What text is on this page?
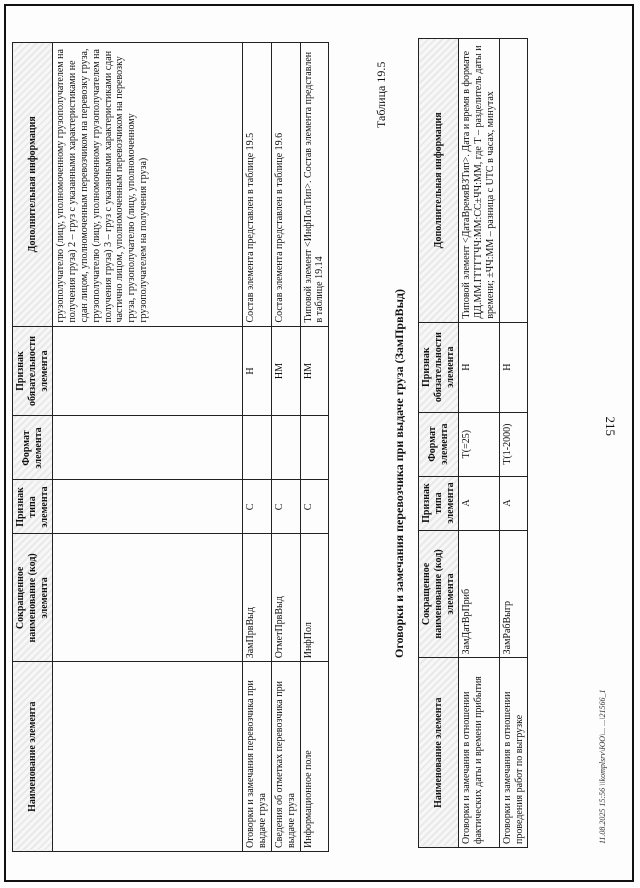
215
Наименование элемента	Сокращенное наименование (код) элемента	Признак типа элемента	Формат элемента	Признак обязательности элемента	Дополнительная информация
					грузополучателю (лицу, уполномоченному грузополучателем на получения груза) 2 – груз с указанными характеристиками не сдан лицом, уполномоченным перевозчиком на перевозку груза, грузополучателю (лицу, уполномоченному грузополучателем на получения груза) 3 – груз с указанными характеристиками сдан частично лицом, уполномоченным перевозчиком на перевозку груза, грузополучателю (лицу, уполномоченному грузополучателем на получения груза)
Оговорки и замечания перевозчика при выдаче груза	ЗамПрвВыд	С		Н	Состав элемента представлен в таблице 19.5
Сведения об отметках перевозчика при выдаче груза	ОтметПрвВыд	С		НМ	Состав элемента представлен в таблице 19.6
Информационное поле	ИнфПол	С		НМ	Типовой элемент <ИнфПолТип>. Состав элемента представлен в таблице 19.14
Таблица 19.5
Оговорки и замечания перевозчика при выдаче груза (ЗамПрвВыд)
Наименование элемента	Сокращенное наименование (код) элемента	Признак типа элемента	Формат элемента	Признак обязательности элемента	Дополнительная информация
Оговорки и замечания в отношении фактических даты и времени прибытия	ЗамДатВрПриб	А	T(=25)	Н	Типовой элемент <ДатаВремяВЗТип>. Дата и время в формате ДД.ММ.ГГГГТЧЧ:ММ:СС±ЧЧ:ММ, где Т – разделитель даты и времени; ±ЧЧ:ММ – разница с UTC в часах, минутах
Оговорки и замечания в отношении проведения работ по выгрузке	ЗамРабВыгр	А	T(1-2000)	Н	
11.08.2025 15:56 \\komplsrv\ЮО\... ...\21566_1
